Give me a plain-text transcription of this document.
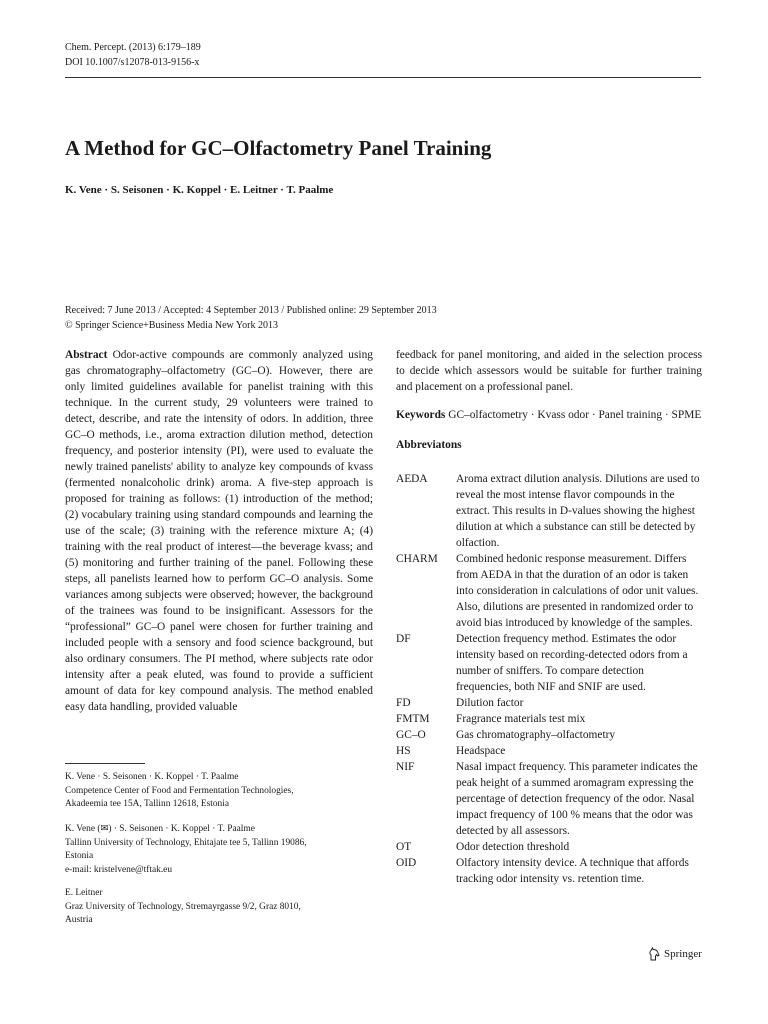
Chem. Percept. (2013) 6:179–189
DOI 10.1007/s12078-013-9156-x
A Method for GC–Olfactometry Panel Training
K. Vene · S. Seisonen · K. Koppel · E. Leitner · T. Paalme
Received: 7 June 2013 / Accepted: 4 September 2013 / Published online: 29 September 2013
© Springer Science+Business Media New York 2013
Abstract Odor-active compounds are commonly analyzed using gas chromatography–olfactometry (GC–O). However, there are only limited guidelines available for panelist training with this technique. In the current study, 29 volunteers were trained to detect, describe, and rate the intensity of odors. In addition, three GC–O methods, i.e., aroma extraction dilution method, detection frequency, and posterior intensity (PI), were used to evaluate the newly trained panelists' ability to analyze key compounds of kvass (fermented nonalcoholic drink) aroma. A five-step approach is proposed for training as follows: (1) introduction of the method; (2) vocabulary training using standard compounds and learning the use of the scale; (3) training with the reference mixture A; (4) training with the real product of interest—the beverage kvass; and (5) monitoring and further training of the panel. Following these steps, all panelists learned how to perform GC–O analysis. Some variances among subjects were observed; however, the background of the trainees was found to be insignificant. Assessors for the “professional” GC–O panel were chosen for further training and included people with a sensory and food science background, but also ordinary consumers. The PI method, where subjects rate odor intensity after a peak eluted, was found to provide a sufficient amount of data for key compound analysis. The method enabled easy data handling, provided valuable
feedback for panel monitoring, and aided in the selection process to decide which assessors would be suitable for further training and placement on a professional panel.
Keywords GC–olfactometry · Kvass odor · Panel training · SPME
Abbreviatons
AEDA	Aroma extract dilution analysis. Dilutions are used to reveal the most intense flavor compounds in the extract. This results in D-values showing the highest dilution at which a substance can still be detected by olfaction.
CHARM	Combined hedonic response measurement. Differs from AEDA in that the duration of an odor is taken into consideration in calculations of odor unit values. Also, dilutions are presented in randomized order to avoid bias introduced by knowledge of the samples.
DF	Detection frequency method. Estimates the odor intensity based on recording-detected odors from a number of sniffers. To compare detection frequencies, both NIF and SNIF are used.
FD	Dilution factor
FMTM	Fragrance materials test mix
GC–O	Gas chromatography–olfactometry
HS	Headspace
NIF	Nasal impact frequency. This parameter indicates the peak height of a summed aromagram expressing the percentage of detection frequency of the odor. Nasal impact frequency of 100 % means that the odor was detected by all assessors.
OT	Odor detection threshold
OID	Olfactory intensity device. A technique that affords tracking odor intensity vs. retention time.
K. Vene · S. Seisonen · K. Koppel · T. Paalme
Competence Center of Food and Fermentation Technologies,
Akadeemia tee 15A, Tallinn 12618, Estonia
K. Vene (✉) · S. Seisonen · K. Koppel · T. Paalme
Tallinn University of Technology, Ehitajate tee 5, Tallinn 19086,
Estonia
e-mail: kristelvene@tftak.eu
E. Leitner
Graz University of Technology, Stremayrgasse 9/2, Graz 8010,
Austria
Springer
